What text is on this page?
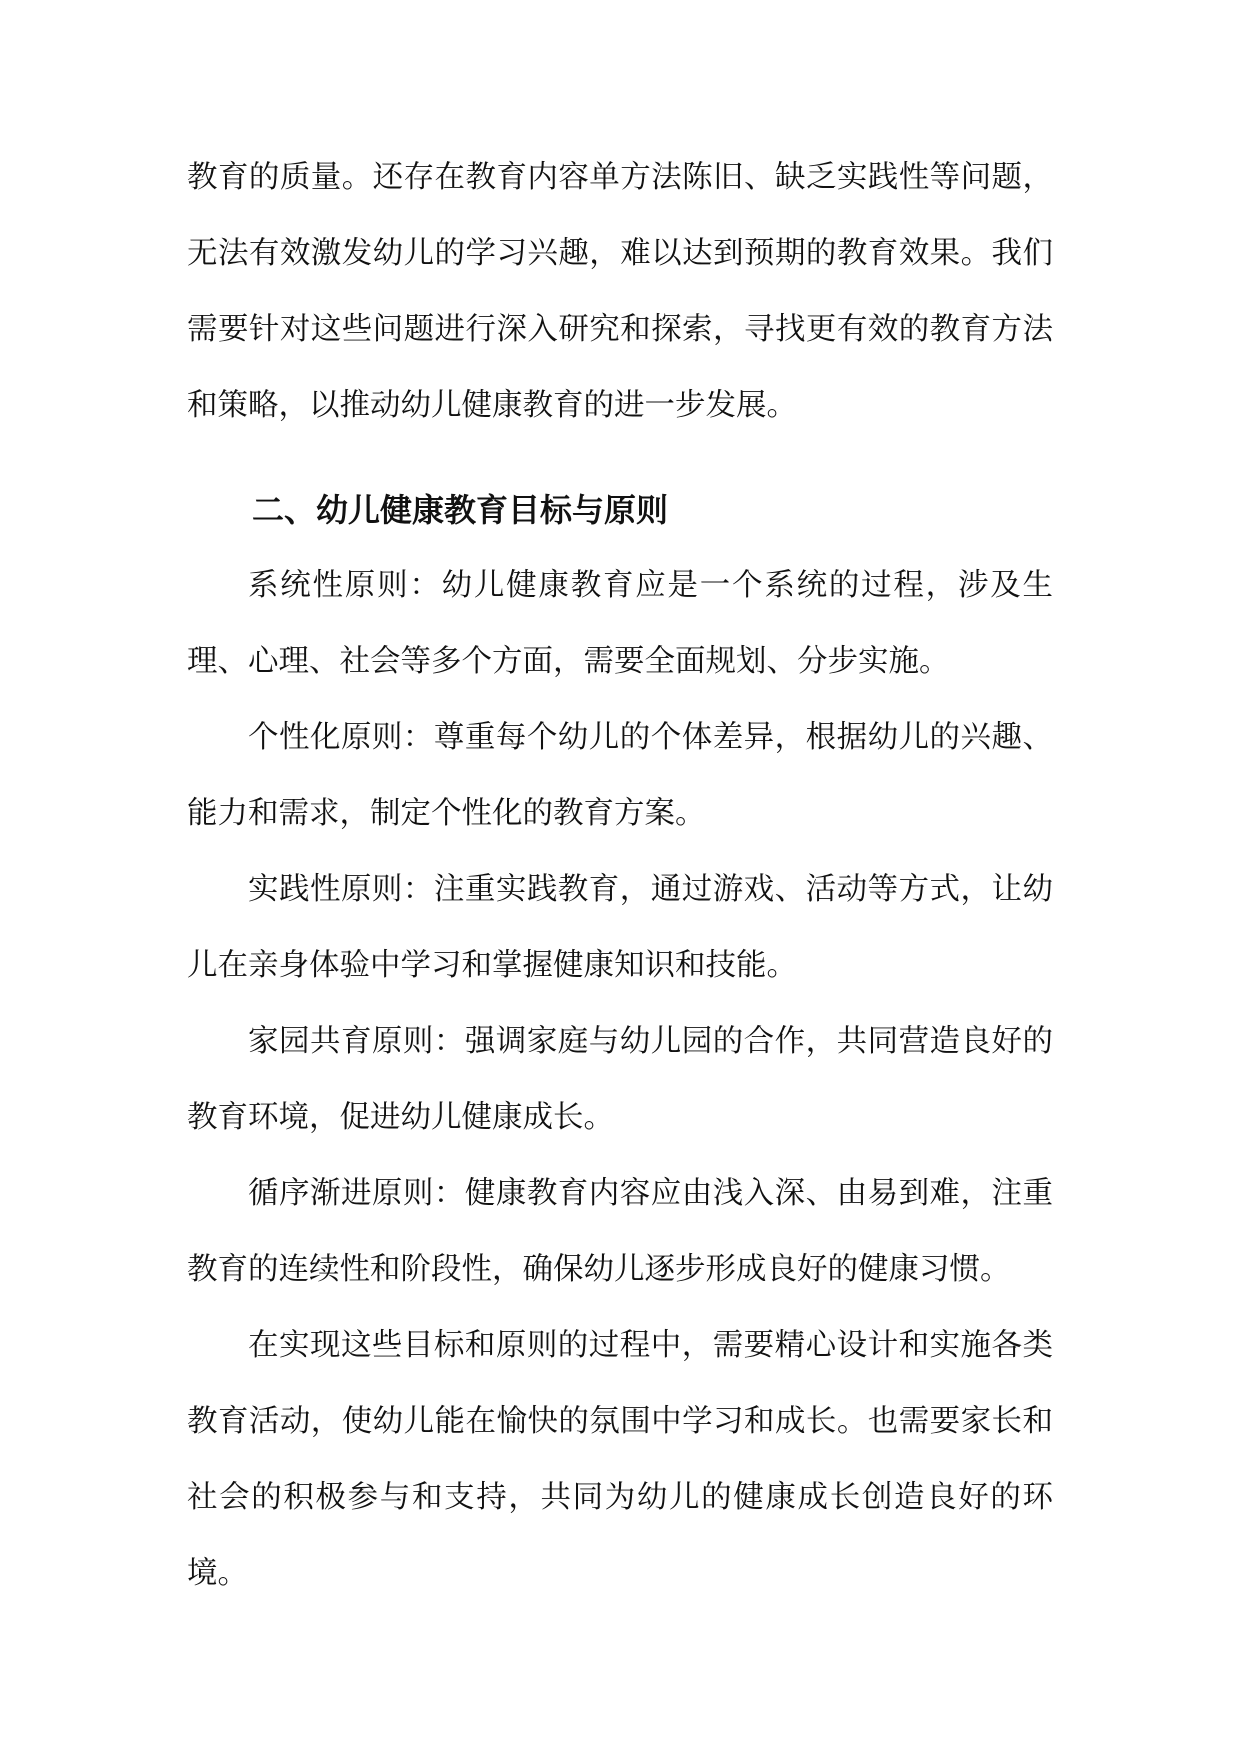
教育的质量。还存在教育内容单方法陈旧、缺乏实践性等问题，无法有效激发幼儿的学习兴趣，难以达到预期的教育效果。我们需要针对这些问题进行深入研究和探索，寻找更有效的教育方法和策略，以推动幼儿健康教育的进一步发展。

二、幼儿健康教育目标与原则

系统性原则：幼儿健康教育应是一个系统的过程，涉及生理、心理、社会等多个方面，需要全面规划、分步实施。

个性化原则：尊重每个幼儿的个体差异，根据幼儿的兴趣、能力和需求，制定个性化的教育方案。

实践性原则：注重实践教育，通过游戏、活动等方式，让幼儿在亲身体验中学习和掌握健康知识和技能。

家园共育原则：强调家庭与幼儿园的合作，共同营造良好的教育环境，促进幼儿健康成长。

循序渐进原则：健康教育内容应由浅入深、由易到难，注重教育的连续性和阶段性，确保幼儿逐步形成良好的健康习惯。

在实现这些目标和原则的过程中，需要精心设计和实施各类教育活动，使幼儿能在愉快的氛围中学习和成长。也需要家长和社会的积极参与和支持，共同为幼儿的健康成长创造良好的环境。
